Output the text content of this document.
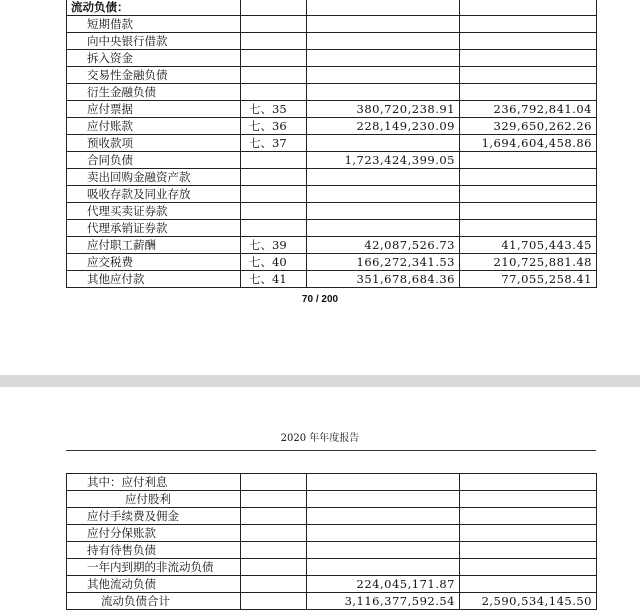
流动负债：			
短期借款			
向中央银行借款			
拆入资金			
交易性金融负债			
衍生金融负债			
应付票据	七、35	380,720,238.91	236,792,841.04
应付账款	七、36	228,149,230.09	329,650,262.26
预收款项	七、37		1,694,604,458.86
合同负债		1,723,424,399.05	
卖出回购金融资产款			
吸收存款及同业存放			
代理买卖证券款			
代理承销证券款			
应付职工薪酬	七、39	42,087,526.73	41,705,443.45
应交税费	七、40	166,272,341.53	210,725,881.48
其他应付款	七、41	351,678,684.36	77,055,258.41
70 / 200
2020 年年度报告
其中：应付利息			
应付股利			
应付手续费及佣金			
应付分保账款			
持有待售负债			
一年内到期的非流动负债			
其他流动负债		224,045,171.87	
流动负债合计		3,116,377,592.54	2,590,534,145.50
